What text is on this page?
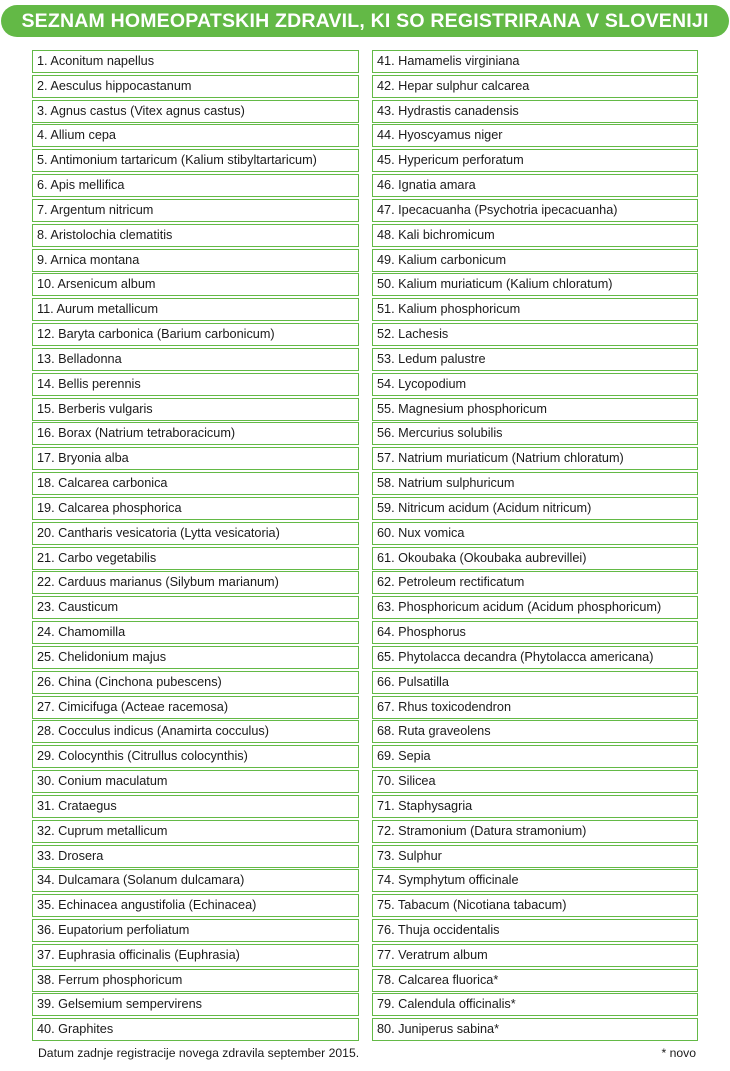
SEZNAM HOMEOPATSKIH ZDRAVIL, KI SO REGISTRIRANA V SLOVENIJI
1. Aconitum napellus
2. Aesculus hippocastanum
3. Agnus castus (Vitex agnus castus)
4. Allium cepa
5. Antimonium tartaricum (Kalium stibyltartaricum)
6. Apis mellifica
7. Argentum nitricum
8. Aristolochia clematitis
9. Arnica montana
10. Arsenicum album
11. Aurum metallicum
12. Baryta carbonica (Barium carbonicum)
13. Belladonna
14. Bellis perennis
15. Berberis vulgaris
16. Borax (Natrium tetraboracicum)
17. Bryonia alba
18. Calcarea carbonica
19. Calcarea phosphorica
20. Cantharis vesicatoria (Lytta vesicatoria)
21. Carbo vegetabilis
22. Carduus marianus (Silybum marianum)
23. Causticum
24. Chamomilla
25. Chelidonium majus
26. China (Cinchona pubescens)
27. Cimicifuga (Acteae racemosa)
28. Cocculus indicus (Anamirta cocculus)
29. Colocynthis (Citrullus colocynthis)
30. Conium maculatum
31. Crataegus
32. Cuprum metallicum
33. Drosera
34. Dulcamara (Solanum dulcamara)
35. Echinacea angustifolia (Echinacea)
36. Eupatorium perfoliatum
37. Euphrasia officinalis (Euphrasia)
38. Ferrum phosphoricum
39. Gelsemium sempervirens
40. Graphites
41. Hamamelis virginiana
42. Hepar sulphur calcarea
43. Hydrastis canadensis
44. Hyoscyamus niger
45. Hypericum perforatum
46. Ignatia amara
47. Ipecacuanha (Psychotria ipecacuanha)
48. Kali bichromicum
49. Kalium carbonicum
50. Kalium muriaticum (Kalium chloratum)
51. Kalium phosphoricum
52. Lachesis
53. Ledum palustre
54. Lycopodium
55. Magnesium phosphoricum
56. Mercurius solubilis
57. Natrium muriaticum (Natrium chloratum)
58. Natrium sulphuricum
59. Nitricum acidum (Acidum nitricum)
60. Nux vomica
61. Okoubaka (Okoubaka aubrevillei)
62. Petroleum rectificatum
63. Phosphoricum acidum (Acidum phosphoricum)
64. Phosphorus
65. Phytolacca decandra (Phytolacca americana)
66. Pulsatilla
67. Rhus toxicodendron
68. Ruta graveolens
69. Sepia
70. Silicea
71. Staphysagria
72. Stramonium (Datura stramonium)
73. Sulphur
74. Symphytum officinale
75. Tabacum (Nicotiana tabacum)
76. Thuja occidentalis
77. Veratrum album
78. Calcarea fluorica*
79. Calendula officinalis*
80. Juniperus sabina*
Datum zadnje registracije novega zdravila september 2015.	* novo
